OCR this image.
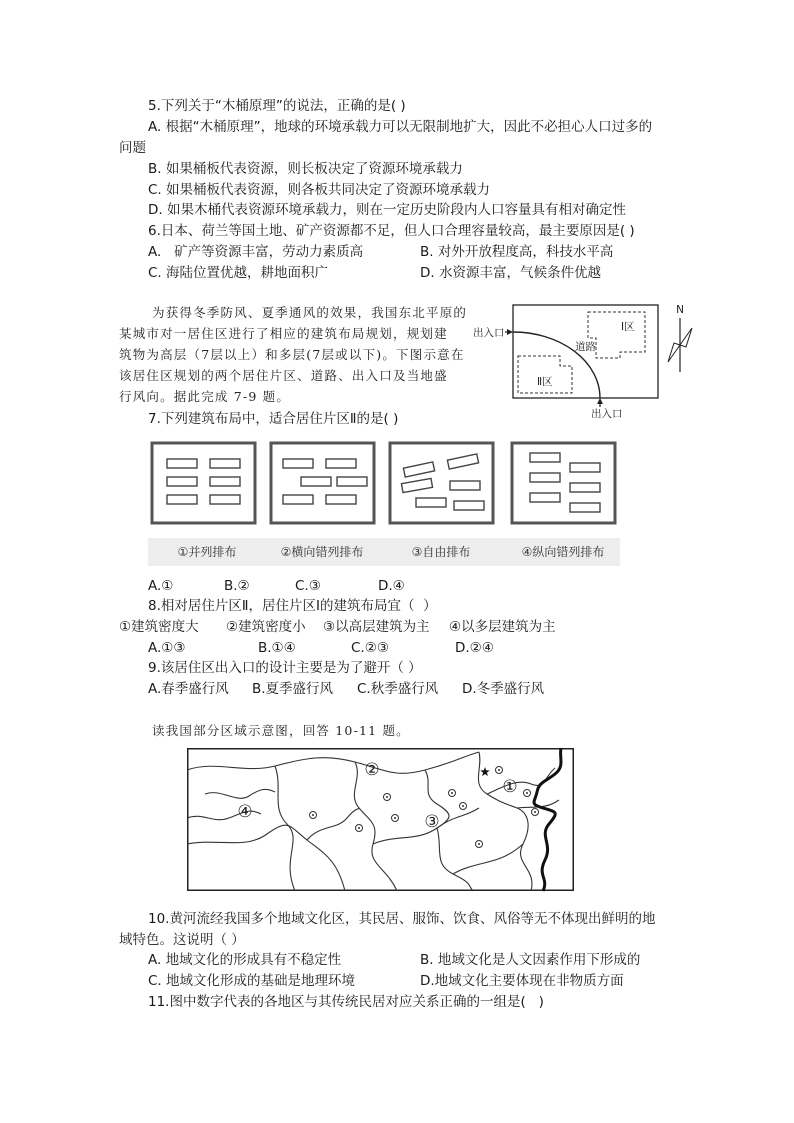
5.下列关于“木桶原理”的说法，正确的是( )
A. 根据“木桶原理”，地球的环境承载力可以无限制地扩大，因此不必担心人口过多的
问题
B. 如果桶板代表资源，则长板决定了资源环境承载力
C. 如果桶板代表资源，则各板共同决定了资源环境承载力
D. 如果木桶代表资源环境承载力，则在一定历史阶段内人口容量具有相对确定性
6.日本、荷兰等国土地、矿产资源都不足，但人口合理容量较高，最主要原因是( )
A.   矿产等资源丰富，劳动力素质高	B. 对外开放程度高，科技水平高
C. 海陆位置优越，耕地面积广	D. 水资源丰富，气候条件优越
为获得冬季防风、夏季通风的效果，我国东北平原的
某城市对一居住区进行了相应的建筑布局规划，规划建
筑物为高层（7层以上）和多层(7层或以下)。下图示意在
该居住区规划的两个居住片区、道路、出入口及当地盛
行风向。据此完成 7-9 题。
出入口
出入口
Ⅰ区
道路
Ⅱ区
N
7.下列建筑布局中，适合居住片区Ⅱ的是( )
①并列排布	②横向错列排布	③自由排布	④纵向错列排布
A.①	B.②	C.③	D.④
8.相对居住片区Ⅱ，居住片区Ⅰ的建筑布局宜（  ）
①建筑密度大 ②建筑密度小 ③以高层建筑为主 ④以多层建筑为主
A.①③	B.①④	C.②③	D.②④
9.该居住区出入口的设计主要是为了避开（ ）
A.春季盛行风 B.夏季盛行风 C.秋季盛行风 D.冬季盛行风
读我国部分区域示意图，回答 10-11 题。
①
②
③
④
10.黄河流经我国多个地域文化区，其民居、服饰、饮食、风俗等无不体现出鲜明的地
域特色。这说明（ ）
A. 地域文化的形成具有不稳定性	B. 地域文化是人文因素作用下形成的
C. 地域文化形成的基础是地理环境	D.地域文化主要体现在非物质方面
11.图中数字代表的各地区与其传统民居对应关系正确的一组是(   )
